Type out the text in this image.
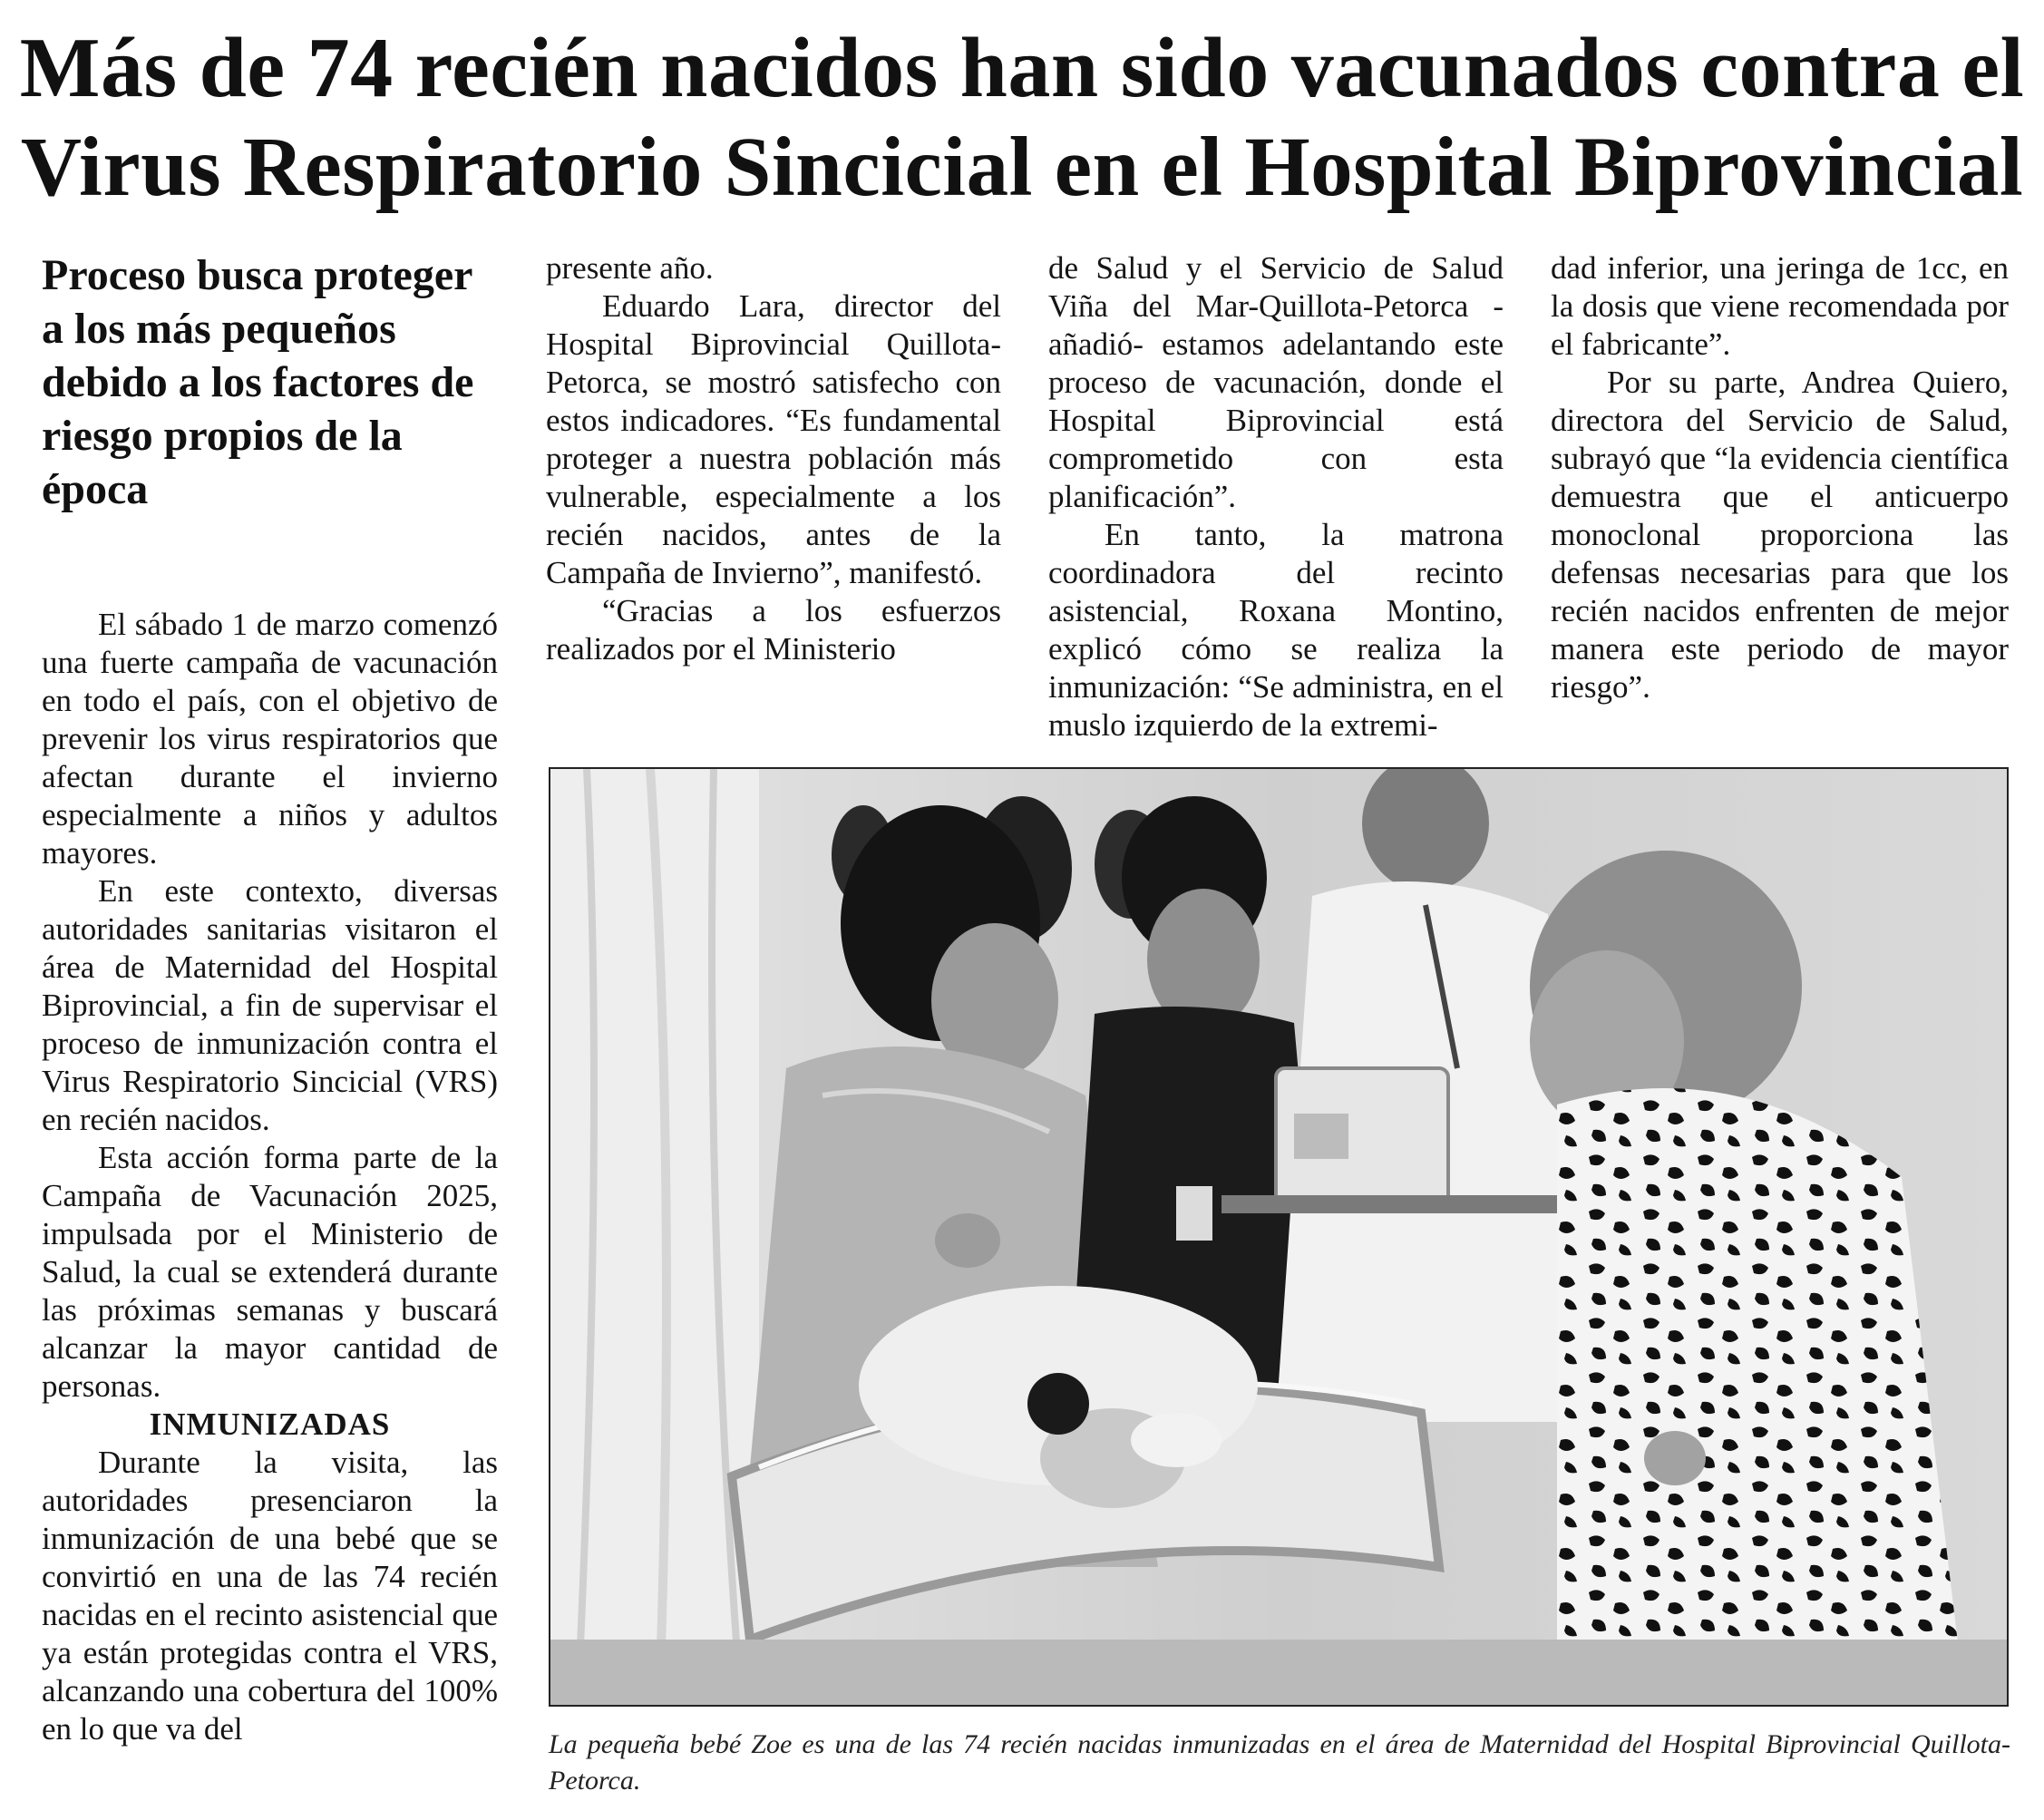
Más de 74 recién nacidos han sido vacunados contra el
Virus Respiratorio Sincicial en el Hospital Biprovincial
Proceso busca proteger a los más pequeños debido a los factores de riesgo propios de la época

El sábado 1 de marzo comenzó una fuerte campaña de vacunación en todo el país, con el objetivo de prevenir los virus respiratorios que afectan durante el invierno especialmente a niños y adultos mayores.

En este contexto, diversas autoridades sanitarias visitaron el área de Maternidad del Hospital Biprovincial, a fin de supervisar el proceso de inmunización contra el Virus Respiratorio Sincicial (VRS) en recién nacidos.

Esta acción forma parte de la Campaña de Vacunación 2025, impulsada por el Ministerio de Salud, la cual se extenderá durante las próximas semanas y buscará alcanzar la mayor cantidad de personas.

INMUNIZADAS

Durante la visita, las autoridades presenciaron la inmunización de una bebé que se convirtió en una de las 74 recién nacidas en el recinto asistencial que ya están protegidas contra el VRS, alcanzando una cobertura del 100% en lo que va del

presente año.

Eduardo Lara, director del Hospital Biprovincial Quillota-Petorca, se mostró satisfecho con estos indicadores. “Es fundamental proteger a nuestra población más vulnerable, especialmente a los recién nacidos, antes de la Campaña de Invierno”, manifestó.

“Gracias a los esfuerzos realizados por el Ministerio

de Salud y el Servicio de Salud Viña del Mar-Quillota-Petorca -añadió- estamos adelantando este proceso de vacunación, donde el Hospital Biprovincial está comprometido con esta planificación”.

En tanto, la matrona coordinadora del recinto asistencial, Roxana Montino, explicó cómo se realiza la inmunización: “Se administra, en el muslo izquierdo de la extremi-

dad inferior, una jeringa de 1cc, en la dosis que viene recomendada por el fabricante”.

Por su parte, Andrea Quiero, directora del Servicio de Salud, subrayó que “la evidencia científica demuestra que el anticuerpo monoclonal proporciona las defensas necesarias para que los recién nacidos enfrenten de mejor manera este periodo de mayor riesgo”.

La pequeña bebé Zoe es una de las 74 recién nacidas inmunizadas en el área de Maternidad del Hospital Biprovincial Quillota-Petorca.
